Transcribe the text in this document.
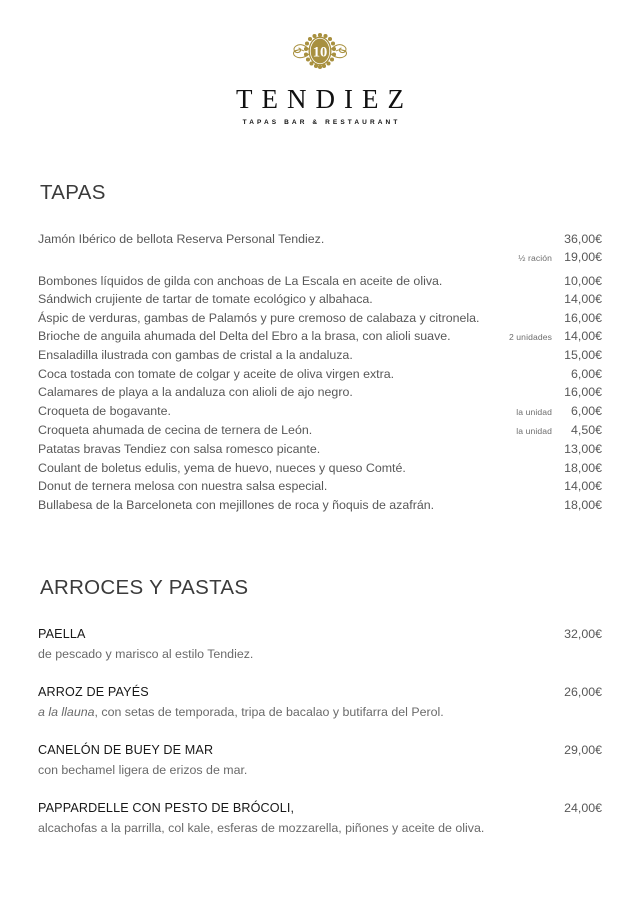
10
TENDIEZ
TAPAS BAR & RESTAURANT
TAPAS
Jamón Ibérico de bellota Reserva Personal Tendiez.	36,00€
½ ración 19,00€
Bombones líquidos de gilda con anchoas de La Escala en aceite de oliva.	10,00€
Sándwich crujiente de tartar de tomate ecológico y albahaca.	14,00€
Áspic de verduras, gambas de Palamós y pure cremoso de calabaza y citronela.	16,00€
Brioche de anguila ahumada del Delta del Ebro a la brasa, con alioli suave.	2 unidades 14,00€
Ensaladilla ilustrada con gambas de cristal a la andaluza.	15,00€
Coca tostada con tomate de colgar y aceite de oliva virgen extra.	6,00€
Calamares de playa a la andaluza con alioli de ajo negro.	16,00€
Croqueta de bogavante.	la unidad	6,00€
Croqueta ahumada de cecina de ternera de León.	la unidad	4,50€
Patatas bravas Tendiez con salsa romesco picante.	13,00€
Coulant de boletus edulis, yema de huevo, nueces y queso Comté.	18,00€
Donut de ternera melosa con nuestra salsa especial.	14,00€
Bullabesa de la Barceloneta con mejillones de roca y ñoquis de azafrán.	18,00€
ARROCES Y PASTAS
PAELLA	32,00€
de pescado y marisco al estilo Tendiez.
ARROZ DE PAYÉS	26,00€
a la llauna, con setas de temporada, tripa de bacalao y butifarra del Perol.
CANELÓN DE BUEY DE MAR	29,00€
con bechamel ligera de erizos de mar.
PAPPARDELLE CON PESTO DE BRÓCOLI,	24,00€
alcachofas a la parrilla, col kale, esferas de mozzarella, piñones y aceite de oliva.
